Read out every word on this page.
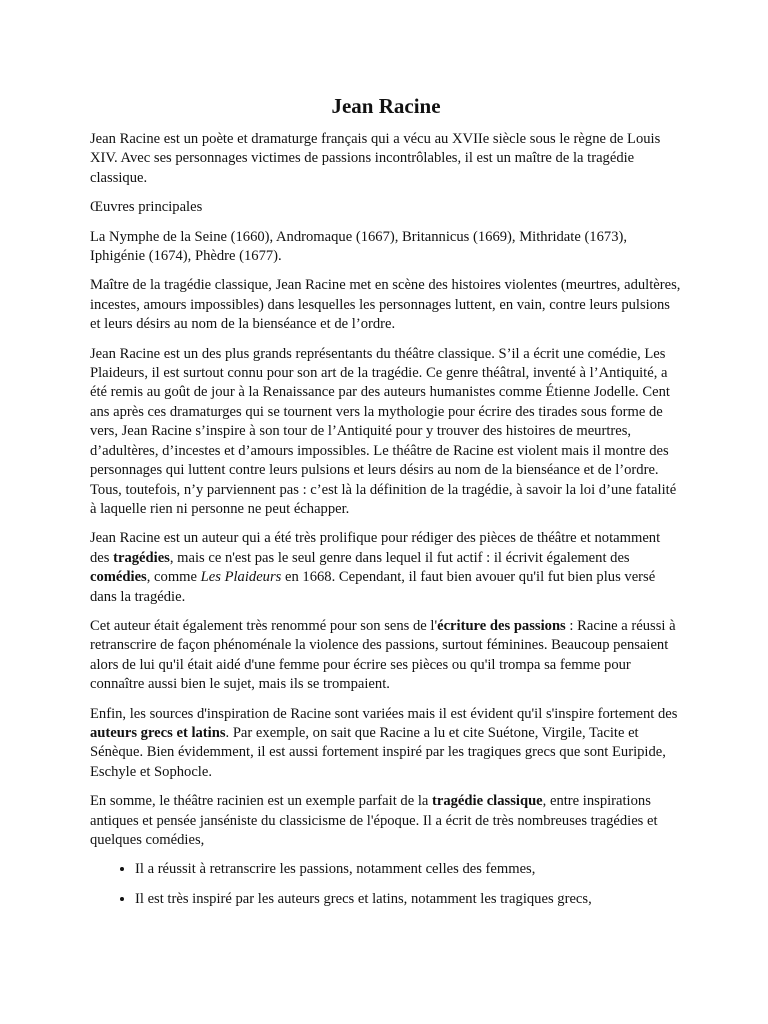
Jean Racine

Jean Racine est un poète et dramaturge français qui a vécu au XVIIe siècle sous le règne de Louis XIV. Avec ses personnages victimes de passions incontrôlables, il est un maître de la tragédie classique.

Œuvres principales

La Nymphe de la Seine (1660), Andromaque (1667), Britannicus (1669), Mithridate (1673), Iphigénie (1674), Phèdre (1677).

Maître de la tragédie classique, Jean Racine met en scène des histoires violentes (meurtres, adultères, incestes, amours impossibles) dans lesquelles les personnages luttent, en vain, contre leurs pulsions et leurs désirs au nom de la bienséance et de l’ordre.

Jean Racine est un des plus grands représentants du théâtre classique. S’il a écrit une comédie, Les Plaideurs, il est surtout connu pour son art de la tragédie. Ce genre théâtral, inventé à l’Antiquité, a été remis au goût de jour à la Renaissance par des auteurs humanistes comme Étienne Jodelle. Cent ans après ces dramaturges qui se tournent vers la mythologie pour écrire des tirades sous forme de vers, Jean Racine s’inspire à son tour de l’Antiquité pour y trouver des histoires de meurtres, d’adultères, d’incestes et d’amours impossibles. Le théâtre de Racine est violent mais il montre des personnages qui luttent contre leurs pulsions et leurs désirs au nom de la bienséance et de l’ordre. Tous, toutefois, n’y parviennent pas : c’est là la définition de la tragédie, à savoir la loi d’une fatalité à laquelle rien ni personne ne peut échapper.

Jean Racine est un auteur qui a été très prolifique pour rédiger des pièces de théâtre et notamment des tragédies, mais ce n'est pas le seul genre dans lequel il fut actif : il écrivit également des comédies, comme Les Plaideurs en 1668. Cependant, il faut bien avouer qu'il fut bien plus versé dans la tragédie.

Cet auteur était également très renommé pour son sens de l'écriture des passions : Racine a réussi à retranscrire de façon phénoménale la violence des passions, surtout féminines. Beaucoup pensaient alors de lui qu'il était aidé d'une femme pour écrire ses pièces ou qu'il trompa sa femme pour connaître aussi bien le sujet, mais ils se trompaient.

Enfin, les sources d'inspiration de Racine sont variées mais il est évident qu'il s'inspire fortement des auteurs grecs et latins. Par exemple, on sait que Racine a lu et cite Suétone, Virgile, Tacite et Sénèque. Bien évidemment, il est aussi fortement inspiré par les tragiques grecs que sont Euripide, Eschyle et Sophocle.

En somme, le théâtre racinien est un exemple parfait de la tragédie classique, entre inspirations antiques et pensée janséniste du classicisme de l'époque. Il a écrit de très nombreuses tragédies et quelques comédies,

• Il a réussit à retranscrire les passions, notamment celles des femmes,
• Il est très inspiré par les auteurs grecs et latins, notamment les tragiques grecs,
